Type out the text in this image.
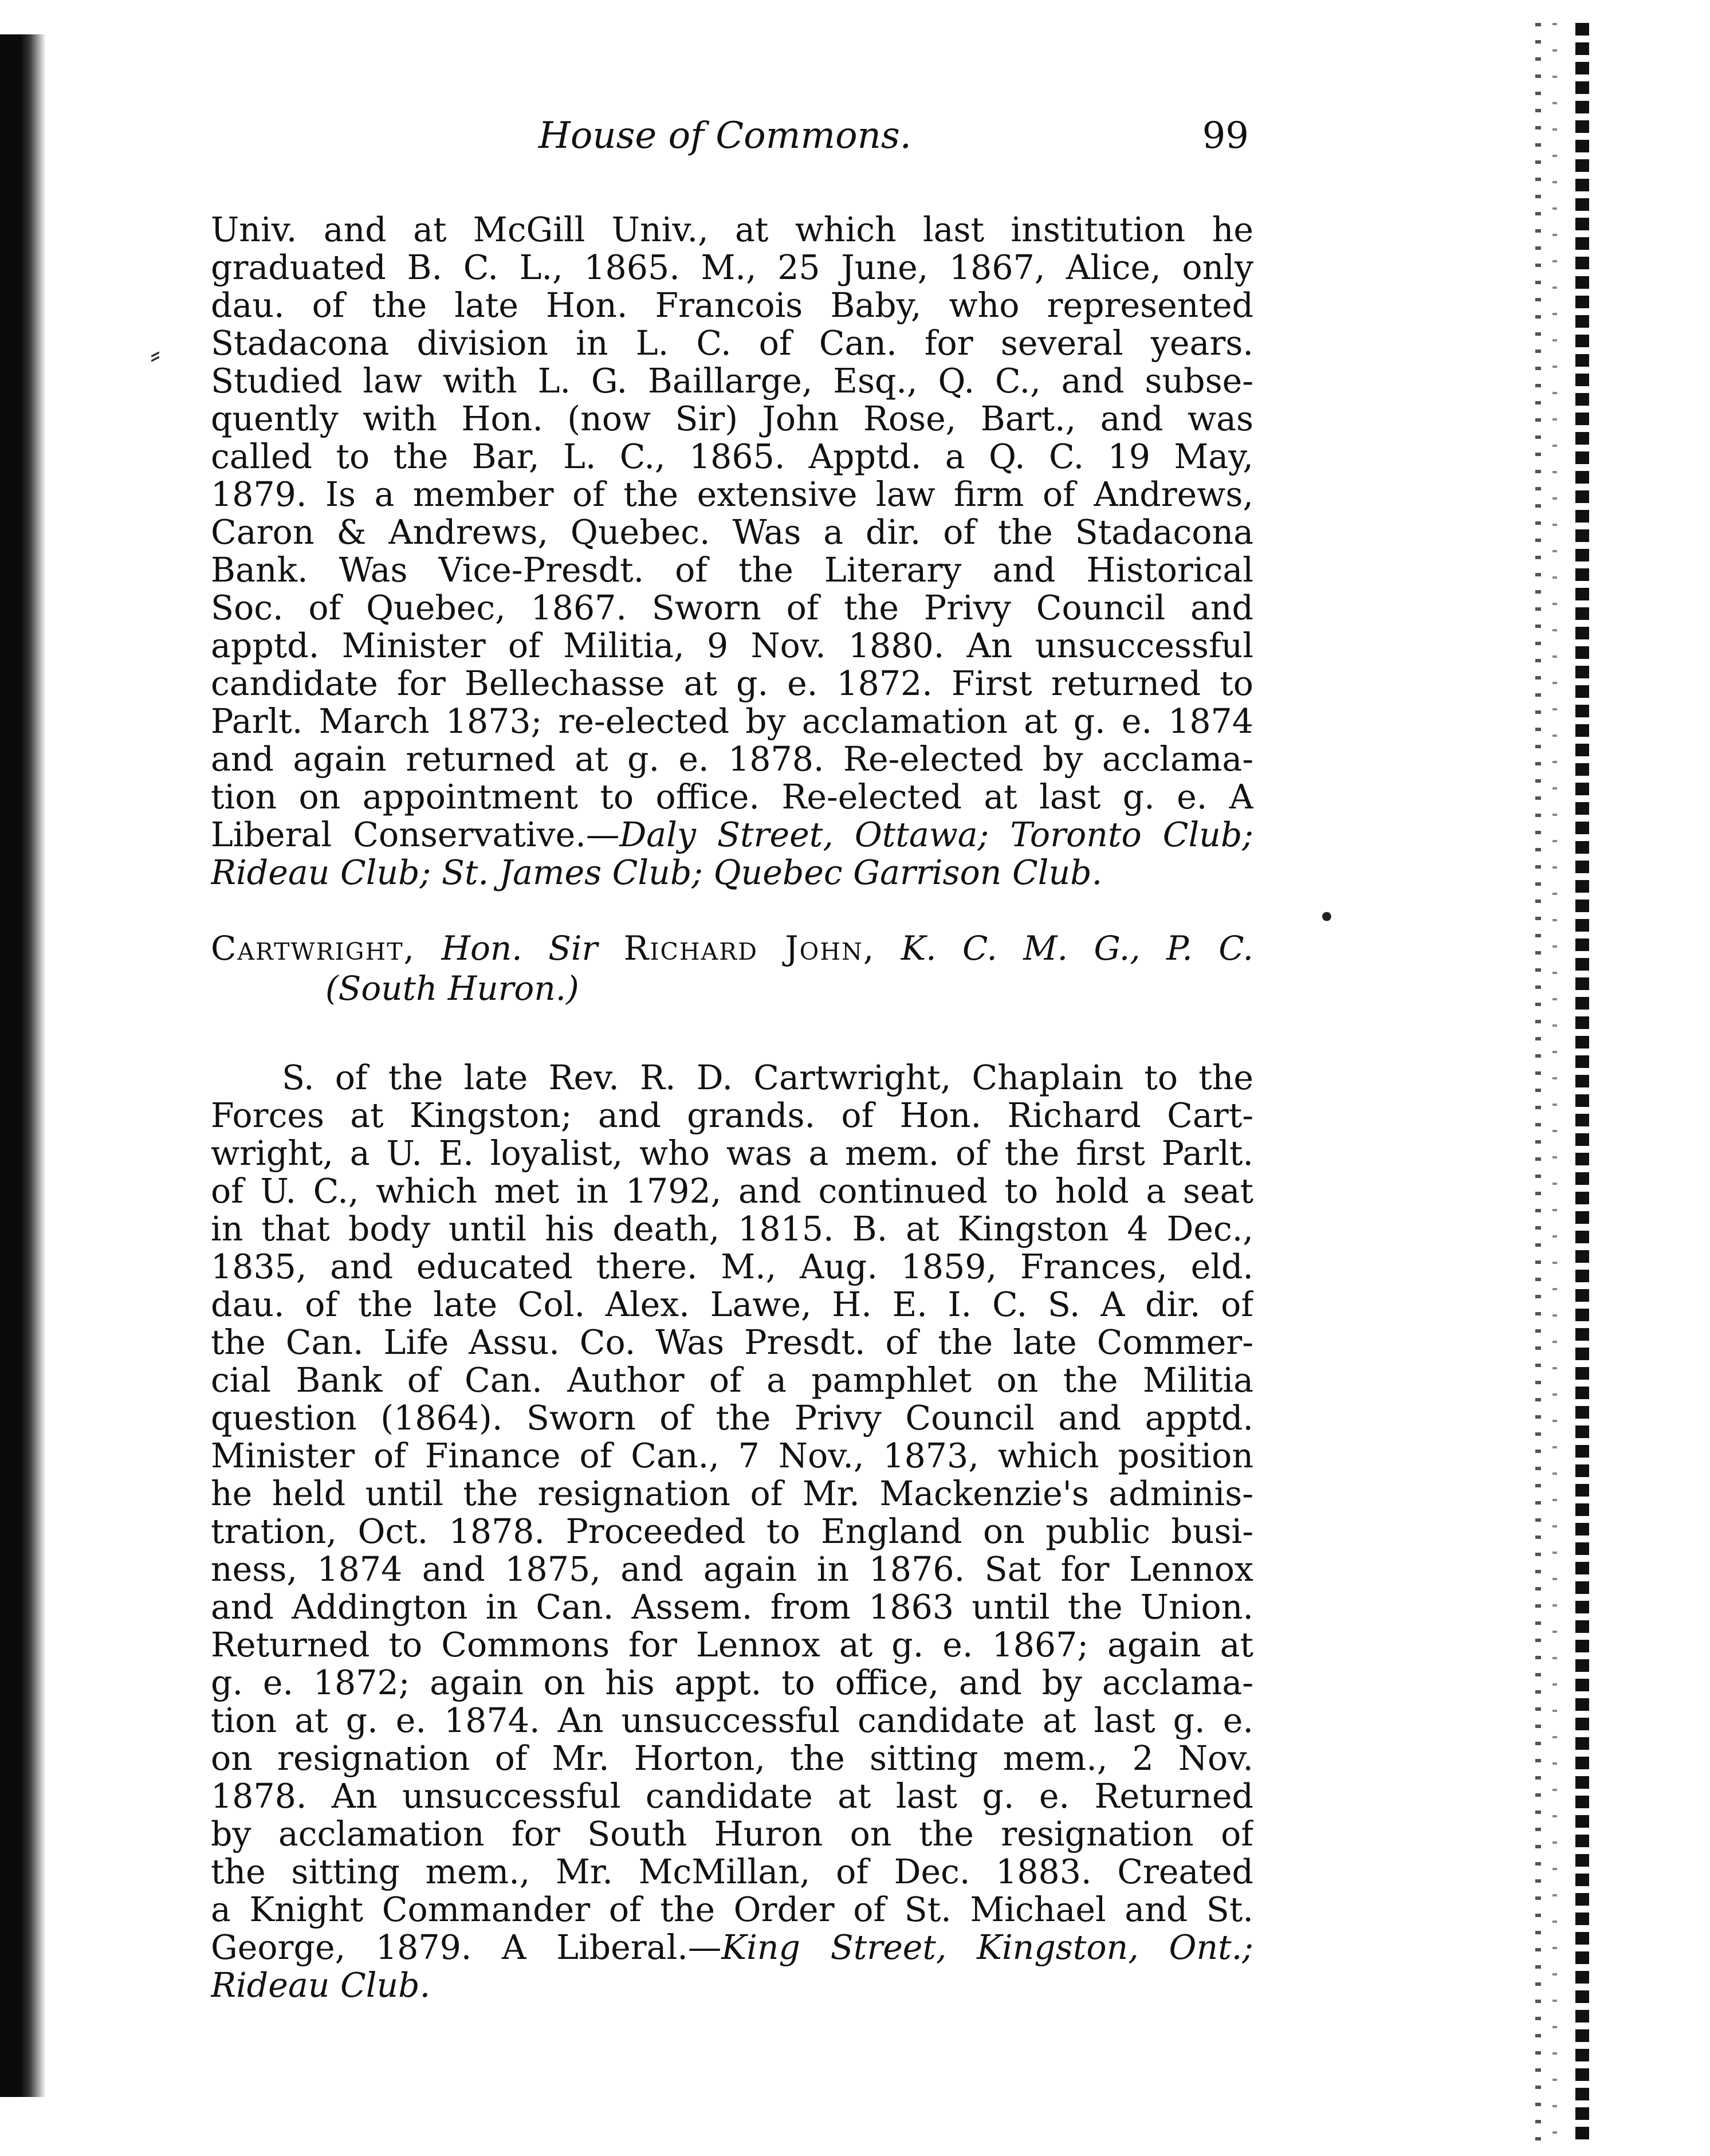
⸗
•
House of Commons.	99
Univ. and at McGill Univ., at which last institution he
graduated B. C. L., 1865. M., 25 June, 1867, Alice, only
dau. of the late Hon. Francois Baby, who represented
Stadacona division in L. C. of Can. for several years.
Studied law with L. G. Baillarge, Esq., Q. C., and subse-
quently with Hon. (now Sir) John Rose, Bart., and was
called to the Bar, L. C., 1865. Apptd. a Q. C. 19 May,
1879. Is a member of the extensive law firm of Andrews,
Caron & Andrews, Quebec. Was a dir. of the Stadacona
Bank. Was Vice-Presdt. of the Literary and Historical
Soc. of Quebec, 1867. Sworn of the Privy Council and
apptd. Minister of Militia, 9 Nov. 1880. An unsuccessful
candidate for Bellechasse at g. e. 1872. First returned to
Parlt. March 1873; re-elected by acclamation at g. e. 1874
and again returned at g. e. 1878. Re-elected by acclama-
tion on appointment to office. Re-elected at last g. e. A
Liberal Conservative.—Daly Street, Ottawa; Toronto Club;
Rideau Club; St. James Club; Quebec Garrison Club.
Cartwright, Hon. Sir Richard John, K. C. M. G., P. C.
(South Huron.)
S. of the late Rev. R. D. Cartwright, Chaplain to the
Forces at Kingston; and grands. of Hon. Richard Cart-
wright, a U. E. loyalist, who was a mem. of the first Parlt.
of U. C., which met in 1792, and continued to hold a seat
in that body until his death, 1815. B. at Kingston 4 Dec.,
1835, and educated there. M., Aug. 1859, Frances, eld.
dau. of the late Col. Alex. Lawe, H. E. I. C. S. A dir. of
the Can. Life Assu. Co. Was Presdt. of the late Commer-
cial Bank of Can. Author of a pamphlet on the Militia
question (1864). Sworn of the Privy Council and apptd.
Minister of Finance of Can., 7 Nov., 1873, which position
he held until the resignation of Mr. Mackenzie's adminis-
tration, Oct. 1878. Proceeded to England on public busi-
ness, 1874 and 1875, and again in 1876. Sat for Lennox
and Addington in Can. Assem. from 1863 until the Union.
Returned to Commons for Lennox at g. e. 1867; again at
g. e. 1872; again on his appt. to office, and by acclama-
tion at g. e. 1874. An unsuccessful candidate at last g. e.
on resignation of Mr. Horton, the sitting mem., 2 Nov.
1878. An unsuccessful candidate at last g. e. Returned
by acclamation for South Huron on the resignation of
the sitting mem., Mr. McMillan, of Dec. 1883. Created
a Knight Commander of the Order of St. Michael and St.
George, 1879. A Liberal.—King Street, Kingston, Ont.;
Rideau Club.
